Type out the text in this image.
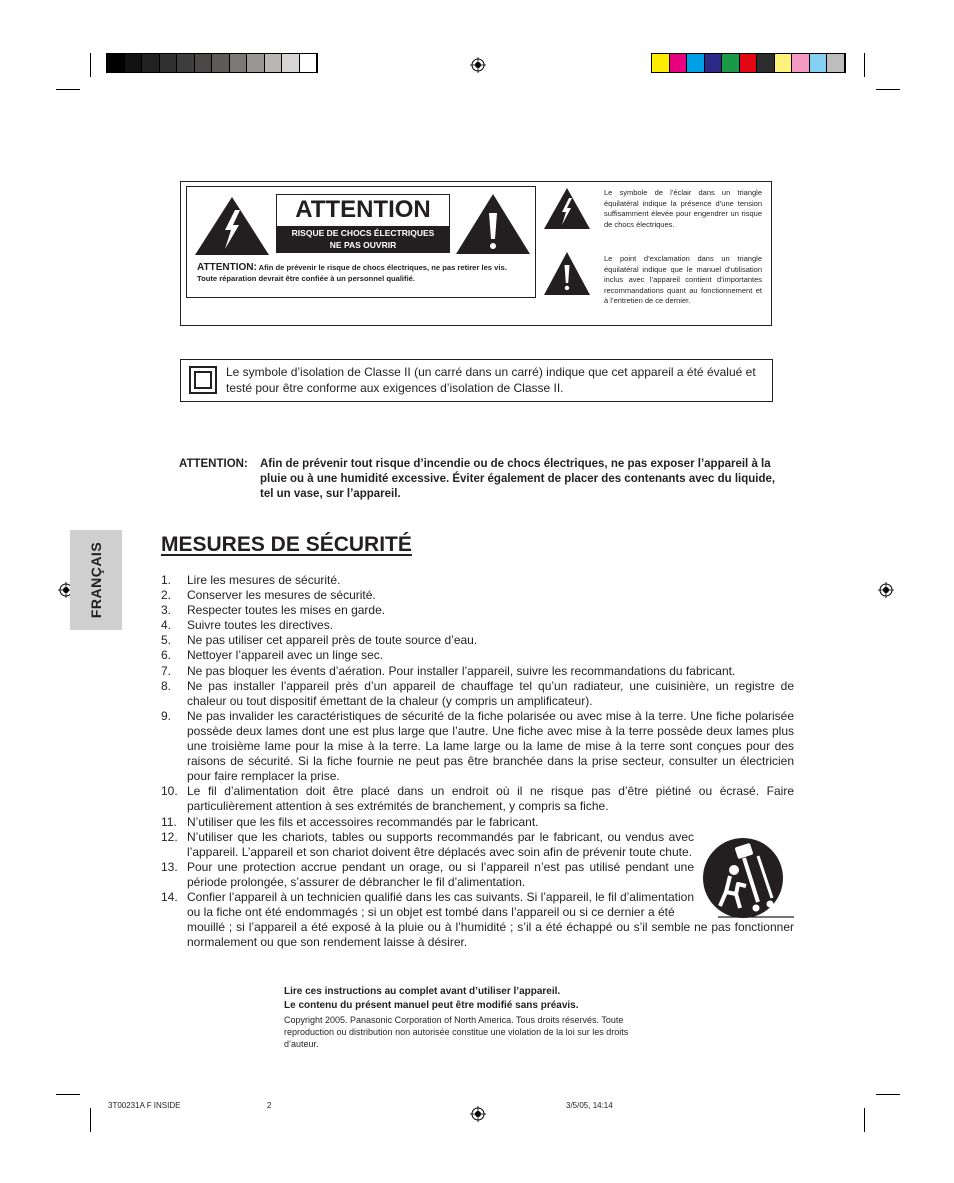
ATTENTION
RISQUE DE CHOCS ÉLECTRIQUES
NE PAS OUVRIR
ATTENTION: Afin de prévenir le risque de chocs électriques, ne pas retirer les vis. Toute réparation devrait être confiée à un personnel qualifié.
Le symbole de l’éclair dans un triangle équilatéral indique la présence d’une tension suffisamment élevée pour engendrer un risque de chocs électriques.
Le point d’exclamation dans un triangle équilatéral indique que le manuel d’utilisation inclus avec l’appareil contient d’importantes recommandations quant au fonctionnement et à l’entretien de ce dernier.
Le symbole d’isolation de Classe II (un carré dans un carré) indique que cet appareil a été évalué et testé pour être conforme aux exigences d’isolation de Classe II.
ATTENTION: Afin de prévenir tout risque d’incendie ou de chocs électriques, ne pas exposer l’appareil à la pluie ou à une humidité excessive. Éviter également de placer des contenants avec du liquide, tel un vase, sur l’appareil.
FRANÇAIS	MESURES DE SÉCURITÉ
1.	Lire les mesures de sécurité.
2.	Conserver les mesures de sécurité.
3.	Respecter toutes les mises en garde.
4.	Suivre toutes les directives.
5.	Ne pas utiliser cet appareil près de toute source d’eau.
6.	Nettoyer l’appareil avec un linge sec.
7.	Ne pas bloquer les évents d’aération. Pour installer l’appareil, suivre les recommandations du fabricant.
8.	Ne pas installer l’appareil près d’un appareil de chauffage tel qu’un radiateur, une cuisinière, un registre de chaleur ou tout dispositif émettant de la chaleur (y compris un amplificateur).
9.	Ne pas invalider les caractéristiques de sécurité de la fiche polarisée ou avec mise à la terre. Une fiche polarisée possède deux lames dont une est plus large que l’autre. Une fiche avec mise à la terre possède deux lames plus une troisième lame pour la mise à la terre. La lame large ou la lame de mise à la terre sont conçues pour des raisons de sécurité. Si la fiche fournie ne peut pas être branchée dans la prise secteur, consulter un électricien pour faire remplacer la prise.
10. Le fil d’alimentation doit être placé dans un endroit où il ne risque pas d’être piétiné ou écrasé. Faire particulièrement attention à ses extrémités de branchement, y compris sa fiche.
11. N’utiliser que les fils et accessoires recommandés par le fabricant.
12. N’utiliser que les chariots, tables ou supports recommandés par le fabricant, ou vendus avec l’appareil. L’appareil et son chariot doivent être déplacés avec soin afin de prévenir toute chute.
13. Pour une protection accrue pendant un orage, ou si l’appareil n’est pas utilisé pendant une période prolongée, s’assurer de débrancher le fil d’alimentation.
14. Confier l’appareil à un technicien qualifié dans les cas suivants. Si l’appareil, le fil d’alimentation ou la fiche ont été endommagés ; si un objet est tombé dans l’appareil ou si ce dernier a été
mouillé ; si l’appareil a été exposé à la pluie ou à l’humidité ; s’il a été échappé ou s’il semble ne pas fonctionner normalement ou que son rendement laisse à désirer.
Lire ces instructions au complet avant d’utiliser l’appareil.
Le contenu du présent manuel peut être modifié sans préavis.
Copyright 2005. Panasonic Corporation of North America. Tous droits réservés. Toute reproduction ou distribution non autorisée constitue une violation de la loi sur les droits d’auteur.
3T00231A F INSIDE	2	3/5/05, 14:14
